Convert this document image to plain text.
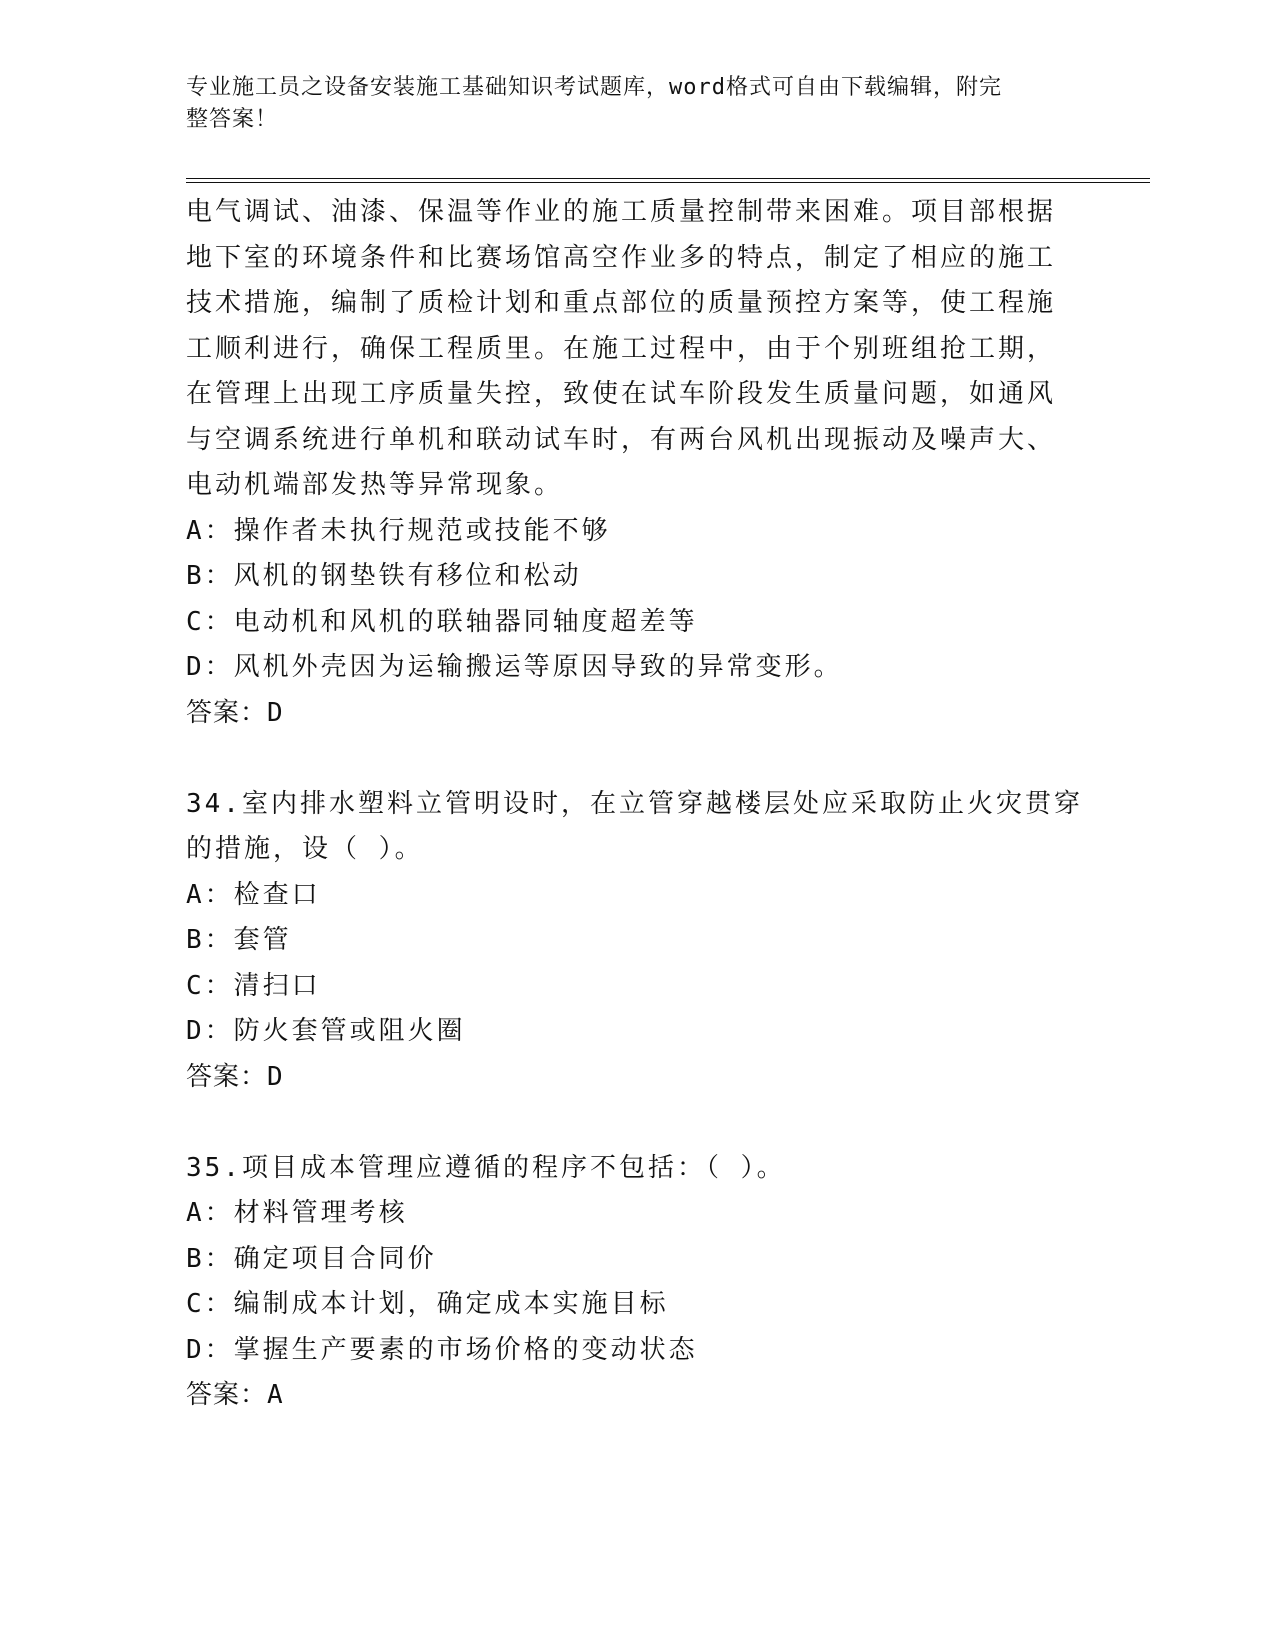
专业施工员之设备安装施工基础知识考试题库，word格式可自由下载编辑，附完
整答案！
电气调试、油漆、保温等作业的施工质量控制带来困难。项目部根据
地下室的环境条件和比赛场馆高空作业多的特点，制定了相应的施工
技术措施，编制了质检计划和重点部位的质量预控方案等，使工程施
工顺利进行，确保工程质里。在施工过程中，由于个别班组抢工期，
在管理上出现工序质量失控，致使在试车阶段发生质量问题，如通风
与空调系统进行单机和联动试车时，有两台风机出现振动及噪声大、
电动机端部发热等异常现象。
A：操作者未执行规范或技能不够
B：风机的钢垫铁有移位和松动
C：电动机和风机的联轴器同轴度超差等
D：风机外壳因为运输搬运等原因导致的异常变形。
答案：D
34.室内排水塑料立管明设时，在立管穿越楼层处应采取防止火灾贯穿
的措施，设（ ）。
A：检查口
B：套管
C：清扫口
D：防火套管或阻火圈
答案：D
35.项目成本管理应遵循的程序不包括：（ ）。
A：材料管理考核
B：确定项目合同价
C：编制成本计划，确定成本实施目标
D：掌握生产要素的市场价格的变动状态
答案：A
